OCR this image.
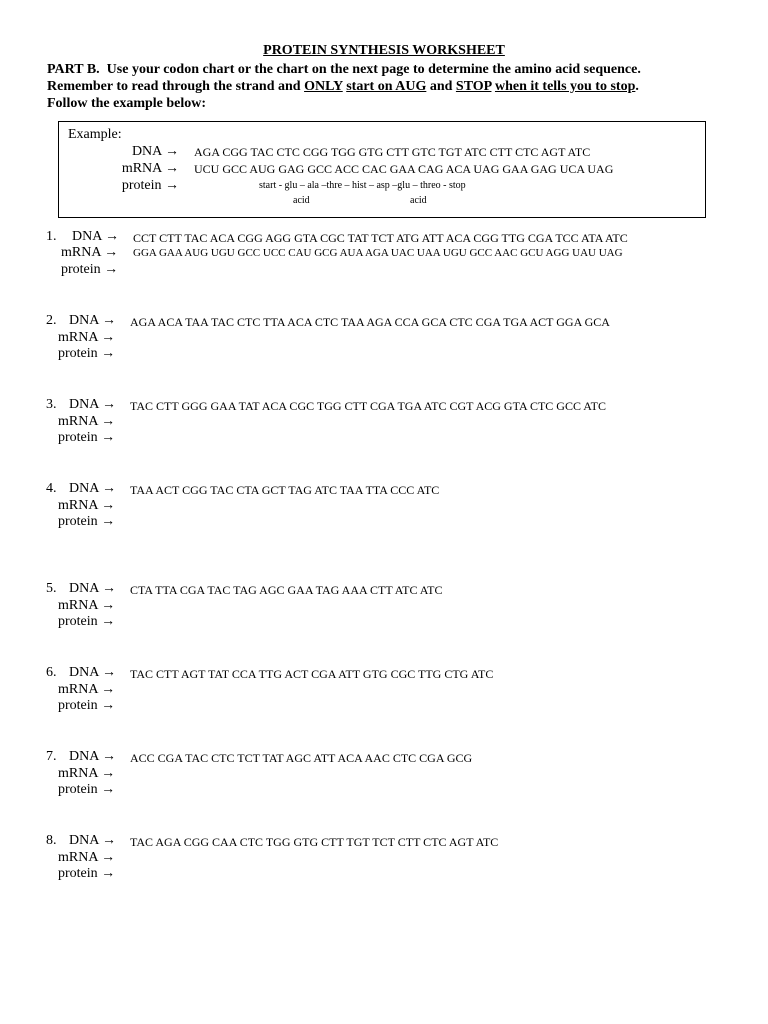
PROTEIN SYNTHESIS WORKSHEET
PART B. Use your codon chart or the chart on the next page to determine the amino acid sequence.
Remember to read through the strand and ONLY start on AUG and STOP when it tells you to stop.
Follow the example below:
Example:
DNA → AGA CGG TAC CTC CGG TGG GTG CTT GTC TGT ATC CTT CTC AGT ATC
mRNA → UCU GCC AUG GAG GCC ACC CAC GAA CAG ACA UAG GAA GAG UCA UAG
protein →	start - glu – ala –thre – hist – asp –glu – threo - stop
acid	acid
1. DNA → CCT CTT TAC ACA CGG AGG GTA CGC TAT TCT ATG ATT ACA CGG TTG CGA TCC ATA ATC
mRNA → GGA GAA AUG UGU GCC UCC CAU GCG AUA AGA UAC UAA UGU GCC AAC GCU AGG UAU UAG
protein →
2. DNA → AGA ACA TAA TAC CTC TTA ACA CTC TAA AGA CCA GCA CTC CGA TGA ACT GGA GCA
mRNA →
protein →
3. DNA → TAC CTT GGG GAA TAT ACA CGC TGG CTT CGA TGA ATC CGT ACG GTA CTC GCC ATC
mRNA →
protein →
4. DNA → TAA ACT CGG TAC CTA GCT TAG ATC TAA TTA CCC ATC
mRNA →
protein →
5. DNA → CTA TTA CGA TAC TAG AGC GAA TAG AAA CTT ATC ATC
mRNA →
protein →
6. DNA → TAC CTT AGT TAT CCA TTG ACT CGA ATT GTG CGC TTG CTG ATC
mRNA →
protein →
7. DNA → ACC CGA TAC CTC TCT TAT AGC ATT ACA AAC CTC CGA GCG
mRNA →
protein →
8. DNA → TAC AGA CGG CAA CTC TGG GTG CTT TGT TCT CTT CTC AGT ATC
mRNA →
protein →
